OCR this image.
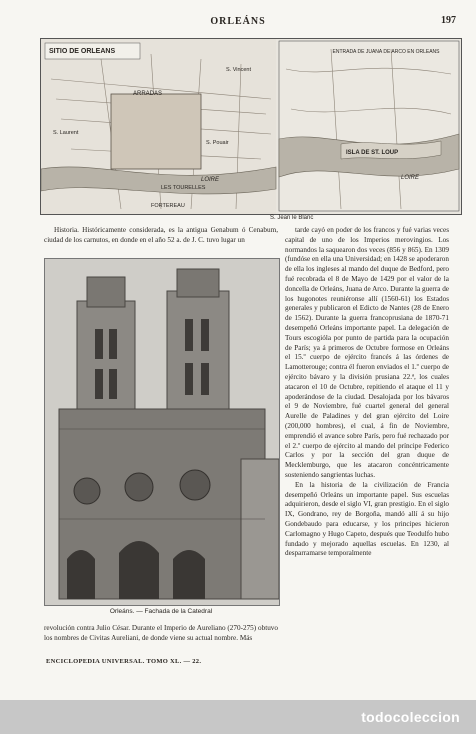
ORLEÁNS	197
SITIO DE ORLEANS
ARRADAS
LES TOURELLES
FORTEREAU
LOIRE
S. Vincent
S. Laurent
S. Pouair
ENTRADA DE JUANA DE ARCO EN ORLEANS
ISLA DE ST. LOUP
LOIRE
S. Jean le Blanc

Historia. Históricamente considerada, es la antigua Genabum ó Cenabum, ciudad de los carnutos, en donde en el año 52 a. de J. C. tuvo lugar un

Orleáns. — Fachada de la Catedral

tarde cayó en poder de los francos y fué varias veces capital de uno de los Imperios merovingios. Los normandos la saquearon dos veces (856 y 865). En 1309 (fundóse en ella una Universidad; en 1428 se apoderaron de ella los ingleses al mando del duque de Bedford, pero fué recobrada el 8 de Mayo de 1429 por el valor de la doncella de Orleáns, Juana de Arco. Durante la guerra de los hugonotes reuniéronse allí (1560-61) los Estados generales y publicaron el Edicto de Nantes (28 de Enero de 1562). Durante la guerra francoprusiana de 1870-71 desempeñó Orleáns importante papel. La delegación de Tours escogióla por punto de partida para la ocupación de París; ya á primeros de Octubre formose en Orleáns el 15.º cuerpo de ejército francés á las órdenes de Lamotterouge; contra él fueron enviados el 1.º cuerpo de ejército bávaro y la división prusiana 22.ª, los cuales atacaron el 10 de Octubre, repitiendo el ataque el 11 y apoderándose de la ciudad. Desalojada por los bávaros el 9 de Noviembre, fué cuartel general del general Aurelle de Paladines y del gran ejército del Loire (200,000 hombres), el cual, á fin de Noviembre, emprendió el avance sobre París, pero fué rechazado por el 2.º cuerpo de ejército al mando del príncipe Federico Carlos y por la sección del gran duque de Mecklemburgo, que les atacaron concéntricamente sosteniendo sangrientas luchas.

En la historia de la civilización de Francia desempeñó Orleáns un importante papel. Sus escuelas adquirieron, desde el siglo VI, gran prestigio. En el siglo IX, Gondrano, rey de Borgoña, mandó allí á su hijo Gondebaudo para educarse, y los principes hicieron Carlomagno y Hugo Capeto, después que Teodulfo hubo fundado y mejorado aquellas escuelas. En 1230, al desparramarse temporalmente

revolución contra Julio César. Durante el Imperio de Aureliano (270-275) obtuvo los nombres de Civitas Aureliani, de donde viene su actual nombre. Más

ENCICLOPEDIA UNIVERSAL. TOMO XL. — 22.
todocoleccion
